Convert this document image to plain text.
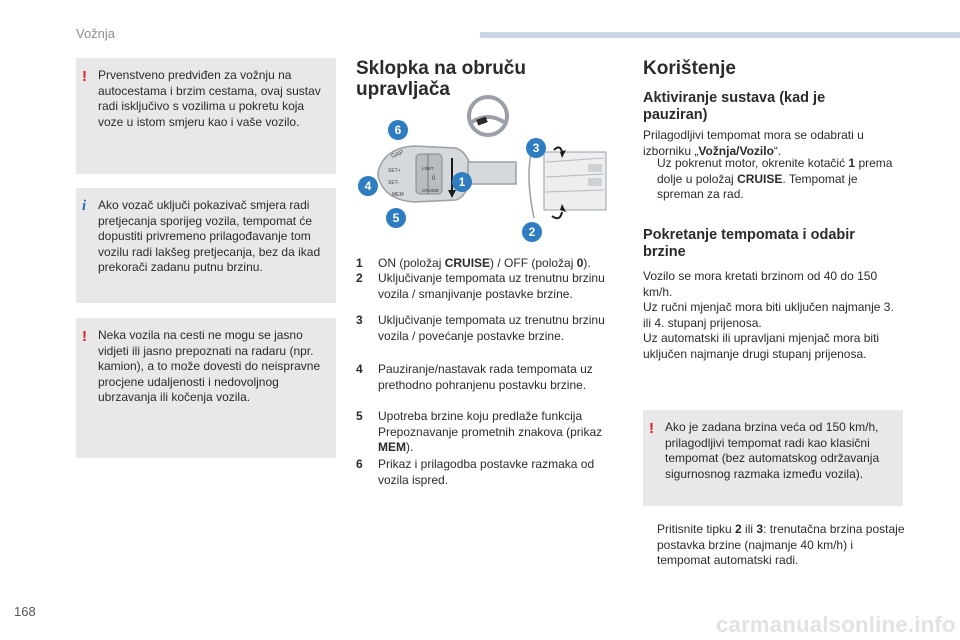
Vožnja
! Prvenstveno predviđen za vožnju na autocestama i brzim cestama, ovaj sustav radi isključivo s vozilima u pokretu koja voze u istom smjeru kao i vaše vozilo.
i Ako vozač uključi pokazivač smjera radi pretjecanja sporijeg vozila, tempomat će dopustiti privremeno prilagođavanje tom vozilu radi lakšeg pretjecanja, bez da ikad prekorači zadanu putnu brzinu.
! Neka vozila na cesti ne mogu se jasno vidjeti ili jasno prepoznati na radaru (npr. kamion), a to može dovesti do neispravne procjene udaljenosti i nedovoljnog ubrzavanja ili kočenja vozila.
Sklopka na obruču
upravljača
GAP
SET+
SET-
MEM
LIMIT
0
CRUISE
6
4
5
1
3
2
1 ON (položaj CRUISE) / OFF (položaj 0).
2 Uključivanje tempomata uz trenutnu brzinu vozila / smanjivanje postavke brzine.
3 Uključivanje tempomata uz trenutnu brzinu vozila / povećanje postavke brzine.
4 Pauziranje/nastavak rada tempomata uz prethodno pohranjenu postavku brzine.
5 Upotreba brzine koju predlaže funkcija Prepoznavanje prometnih znakova (prikaz MEM).
6 Prikaz i prilagodba postavke razmaka od vozila ispred.
Korištenje
Aktiviranje sustava (kad je
pauziran)
Prilagodljivi tempomat mora se odabrati u izborniku „Vožnja/Vozilo“.
Uz pokrenut motor, okrenite kotačić 1 prema dolje u položaj CRUISE. Tempomat je spreman za rad.
Pokretanje tempomata i odabir
brzine
Vozilo se mora kretati brzinom od 40 do 150 km/h.
Uz ručni mjenjač mora biti uključen najmanje 3. ili 4. stupanj prijenosa.
Uz automatski ili upravljani mjenjač mora biti uključen najmanje drugi stupanj prijenosa.
! Ako je zadana brzina veća od 150 km/h, prilagodljivi tempomat radi kao klasični tempomat (bez automatskog održavanja sigurnosnog razmaka između vozila).
Pritisnite tipku 2 ili 3: trenutačna brzina postaje postavka brzine (najmanje 40 km/h) i tempomat automatski radi.
168
carmanualsonline.info
